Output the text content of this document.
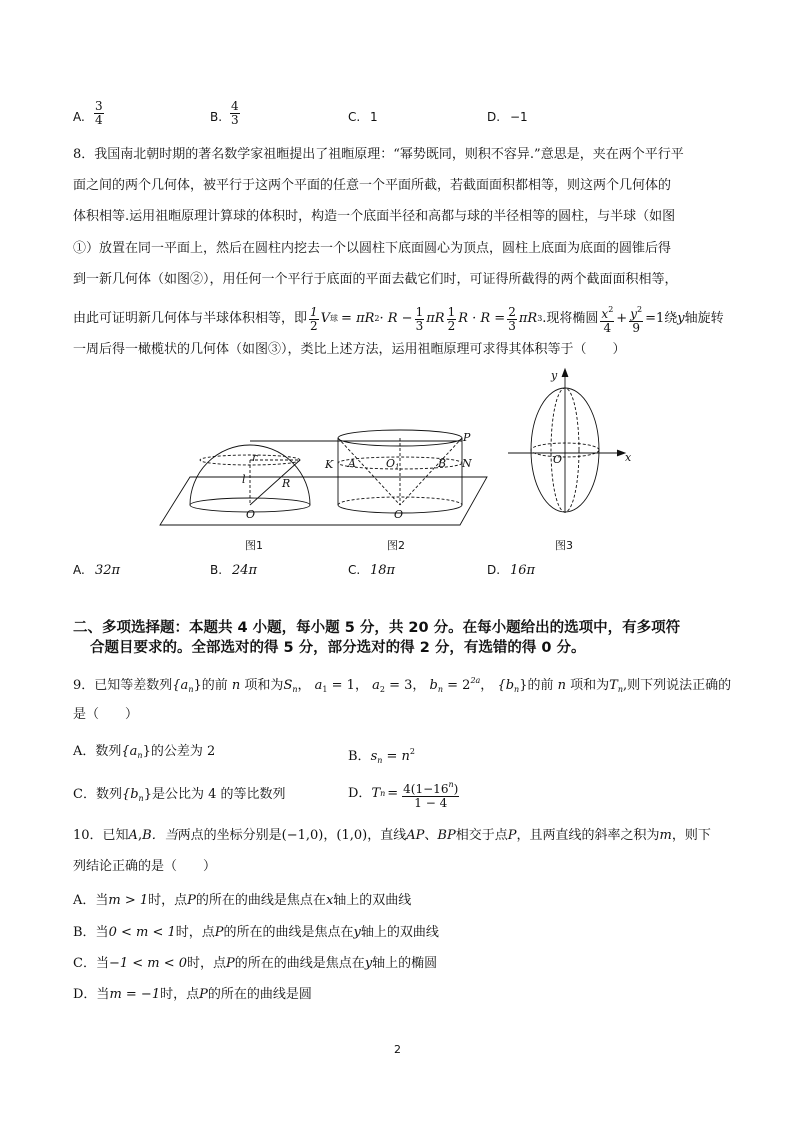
A. $\frac{3}{4}$	B. $\frac{4}{3}$	C. 1	D. −1
8．我国南北朝时期的著名数学家祖暅提出了祖暅原理：“幂势既同，则积不容异.”意思是，夹在两个平行平
面之间的两个几何体，被平行于这两个平面的任意一个平面所截，若截面面积都相等，则这两个几何体的
体积相等.运用祖暅原理计算球的体积时，构造一个底面半径和高都与球的半径相等的圆柱，与半球（如图
①）放置在同一平面上，然后在圆柱内挖去一个以圆柱下底面圆心为顶点，圆柱上底面为底面的圆锥后得
到一新几何体（如图②），用任何一个平行于底面的平面去截它们时，可证得所截得的两个截面面积相等，
由此可证明新几何体与半球体积相等，即 $\frac{1}{2}$ V 球 = πR $2 \cdot R - \frac{1}{3}$ πR $\frac{1}{2}$ $R \cdot R = \frac{2}{3}$ πR 3 .现将椭圆 $\frac{x^2}{4} + \frac{y^2}{9} =1$ 绕 y 轴旋转
一周后得一橄榄状的几何体（如图③），类比上述方法，运用祖暅原理可求得其体积等于（　　）
r
l	R
O
P
K A	O 1	B N
O
y
x
O
图1	图2	图3
A. 32π	B. 24π	C. 18π	D. 16π
二、多项选择题：本题共 4 小题，每小题 5 分，共 20 分。在每小题给出的选项中，有多项符
合题目要求的。全部选对的得 5 分，部分选对的得 2 分，有选错的得 0 分。
9．已知等差数列$\{a_n\}$的前 n 项和为$S_n$， $a_1 = 1$， $a_2 = 3$， $b_n = 2^{2a}$， $\{b_n\}$的前 n 项和为$T_n$,则下列说法正确的
是（　　）
A．数列$\{a_n\}$的公差为 2	B．$s_n = n^2$
C．数列$\{b_n\}$是公比为 4 的等比数列	D． T $n = \frac{4(1-16^n)}{1 - 4}$
10．已知A,B．当两点的坐标分别是(−1,0)，(1,0)，直线AP、BP相交于点P，且两直线的斜率之积为m，则下
列结论正确的是（　　）
A．当m > 1时，点P的所在的曲线是焦点在x轴上的双曲线
B．当0 < m < 1时，点P的所在的曲线是焦点在y轴上的双曲线
C．当−1 < m < 0时，点P的所在的曲线是焦点在y轴上的椭圆
D．当m = −1时，点P的所在的曲线是圆
2
